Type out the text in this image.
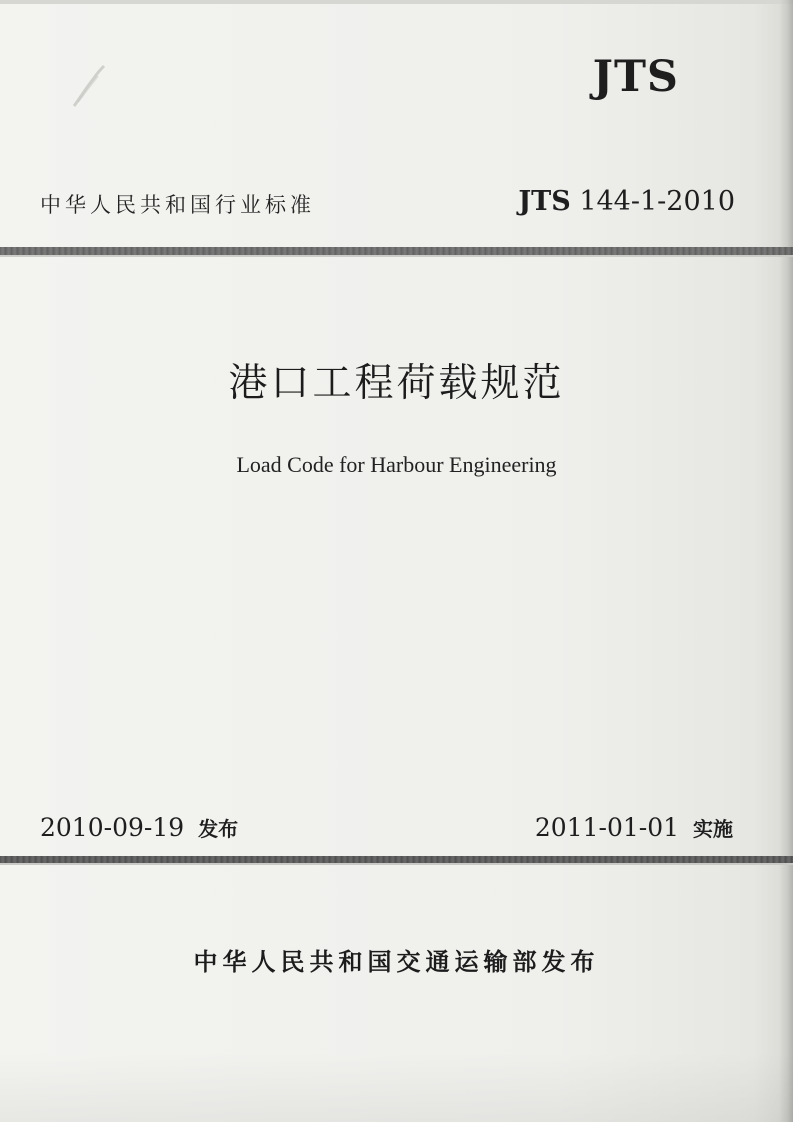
JTS
中华人民共和国行业标准	JTS 144-1-2010
港口工程荷载规范
Load Code for Harbour Engineering
2010-09-19 发布	2011-01-01 实施
中华人民共和国交通运输部发布
